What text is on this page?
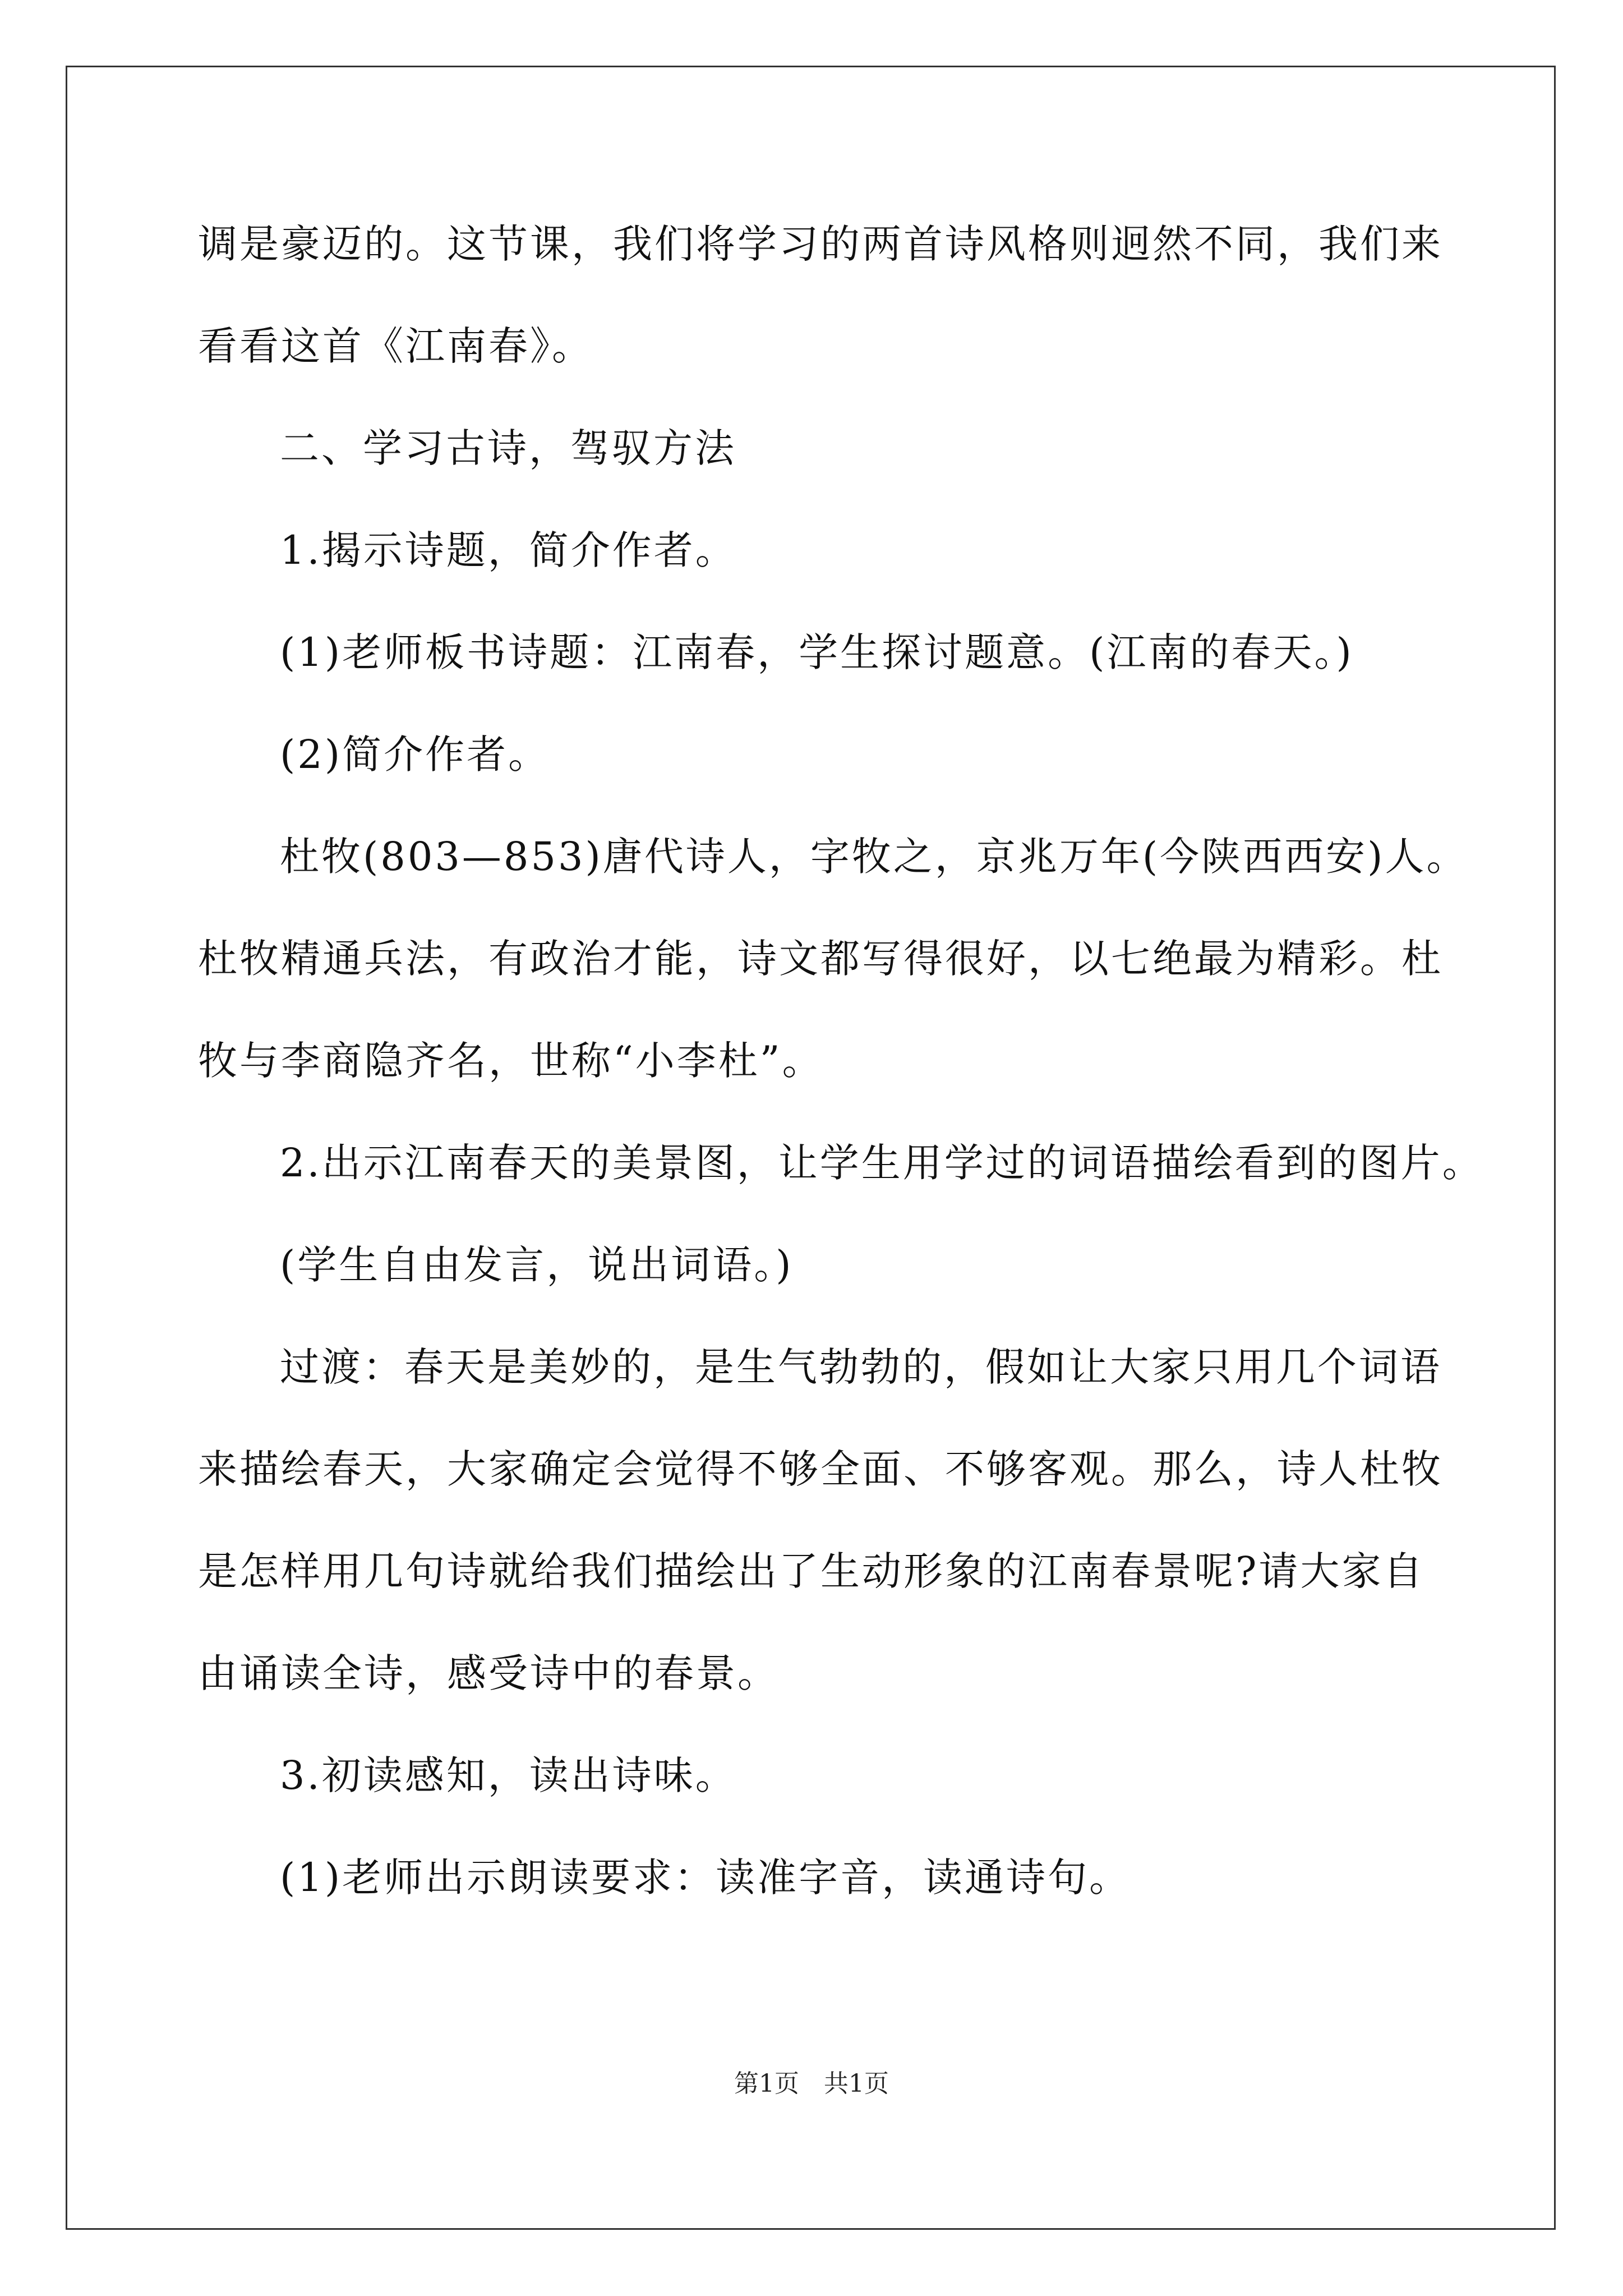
调是豪迈的。这节课，我们将学习的两首诗风格则迥然不同，我们来
看看这首《江南春》。
二、学习古诗，驾驭方法
1.揭示诗题，简介作者。
(1)老师板书诗题：江南春，学生探讨题意。(江南的春天。)
(2)简介作者。
杜牧(803—853)唐代诗人，字牧之，京兆万年(今陕西西安)人。
杜牧精通兵法，有政治才能，诗文都写得很好，以七绝最为精彩。杜
牧与李商隐齐名，世称“小李杜”。
2.出示江南春天的美景图，让学生用学过的词语描绘看到的图片。
(学生自由发言，说出词语。)
过渡：春天是美妙的，是生气勃勃的，假如让大家只用几个词语
来描绘春天，大家确定会觉得不够全面、不够客观。那么，诗人杜牧
是怎样用几句诗就给我们描绘出了生动形象的江南春景呢?请大家自
由诵读全诗，感受诗中的春景。
3.初读感知，读出诗味。
(1)老师出示朗读要求：读准字音，读通诗句。
第1页 共1页
